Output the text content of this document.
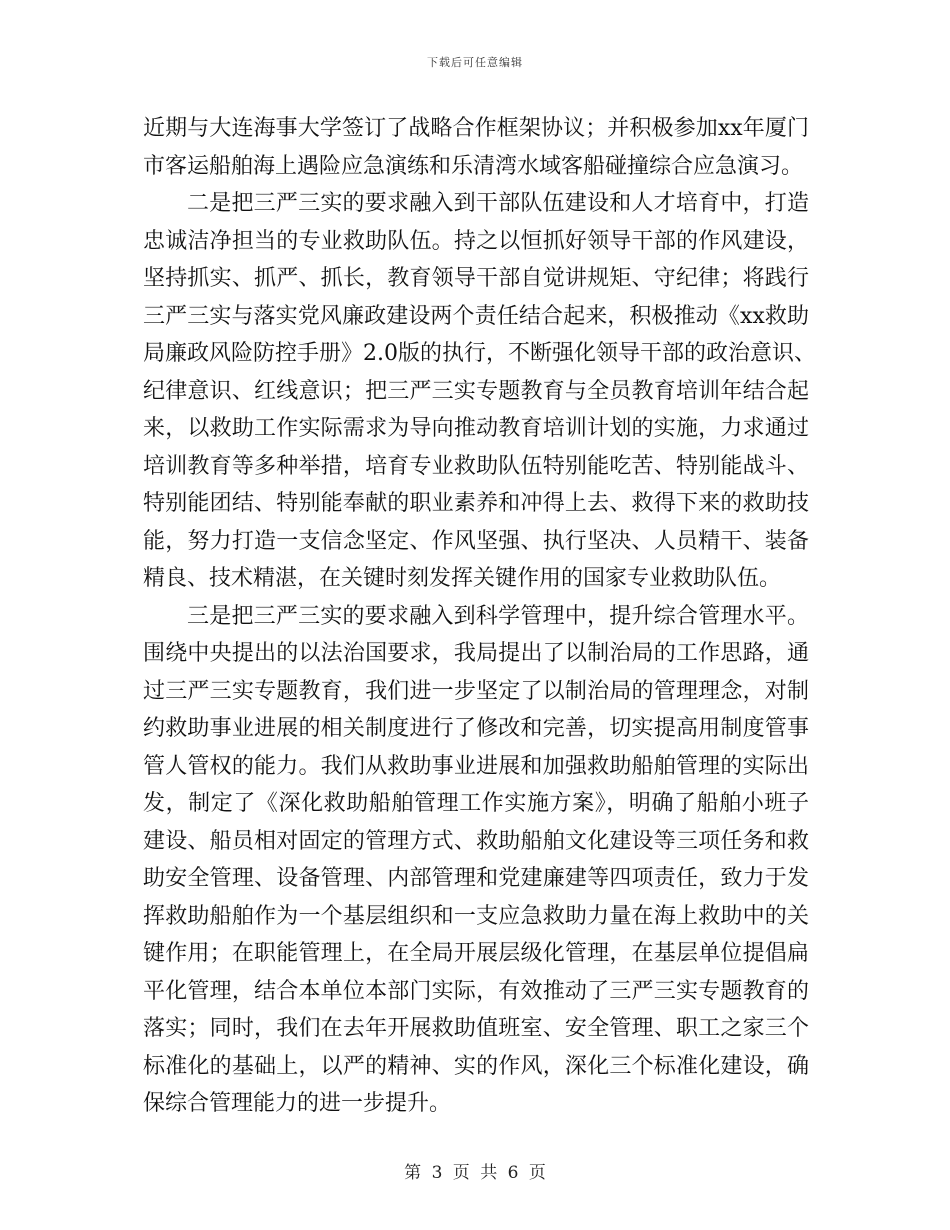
下载后可任意编辑
近期与大连海事大学签订了战略合作框架协议；并积极参加xx年厦门
市客运船舶海上遇险应急演练和乐清湾水域客船碰撞综合应急演习。
二是把三严三实的要求融入到干部队伍建设和人才培育中，打造
忠诚洁净担当的专业救助队伍。持之以恒抓好领导干部的作风建设，
坚持抓实、抓严、抓长，教育领导干部自觉讲规矩、守纪律；将践行
三严三实与落实党风廉政建设两个责任结合起来，积极推动《xx救助
局廉政风险防控手册》2.0版的执行，不断强化领导干部的政治意识、
纪律意识、红线意识；把三严三实专题教育与全员教育培训年结合起
来，以救助工作实际需求为导向推动教育培训计划的实施，力求通过
培训教育等多种举措，培育专业救助队伍特别能吃苦、特别能战斗、
特别能团结、特别能奉献的职业素养和冲得上去、救得下来的救助技
能，努力打造一支信念坚定、作风坚强、执行坚决、人员精干、装备
精良、技术精湛，在关键时刻发挥关键作用的国家专业救助队伍。
三是把三严三实的要求融入到科学管理中，提升综合管理水平。
围绕中央提出的以法治国要求，我局提出了以制治局的工作思路，通
过三严三实专题教育，我们进一步坚定了以制治局的管理理念，对制
约救助事业进展的相关制度进行了修改和完善，切实提高用制度管事
管人管权的能力。我们从救助事业进展和加强救助船舶管理的实际出
发，制定了《深化救助船舶管理工作实施方案》，明确了船舶小班子
建设、船员相对固定的管理方式、救助船舶文化建设等三项任务和救
助安全管理、设备管理、内部管理和党建廉建等四项责任，致力于发
挥救助船舶作为一个基层组织和一支应急救助力量在海上救助中的关
键作用；在职能管理上，在全局开展层级化管理，在基层单位提倡扁
平化管理，结合本单位本部门实际，有效推动了三严三实专题教育的
落实；同时，我们在去年开展救助值班室、安全管理、职工之家三个
标准化的基础上，以严的精神、实的作风，深化三个标准化建设，确
保综合管理能力的进一步提升。
第 3 页 共 6 页
